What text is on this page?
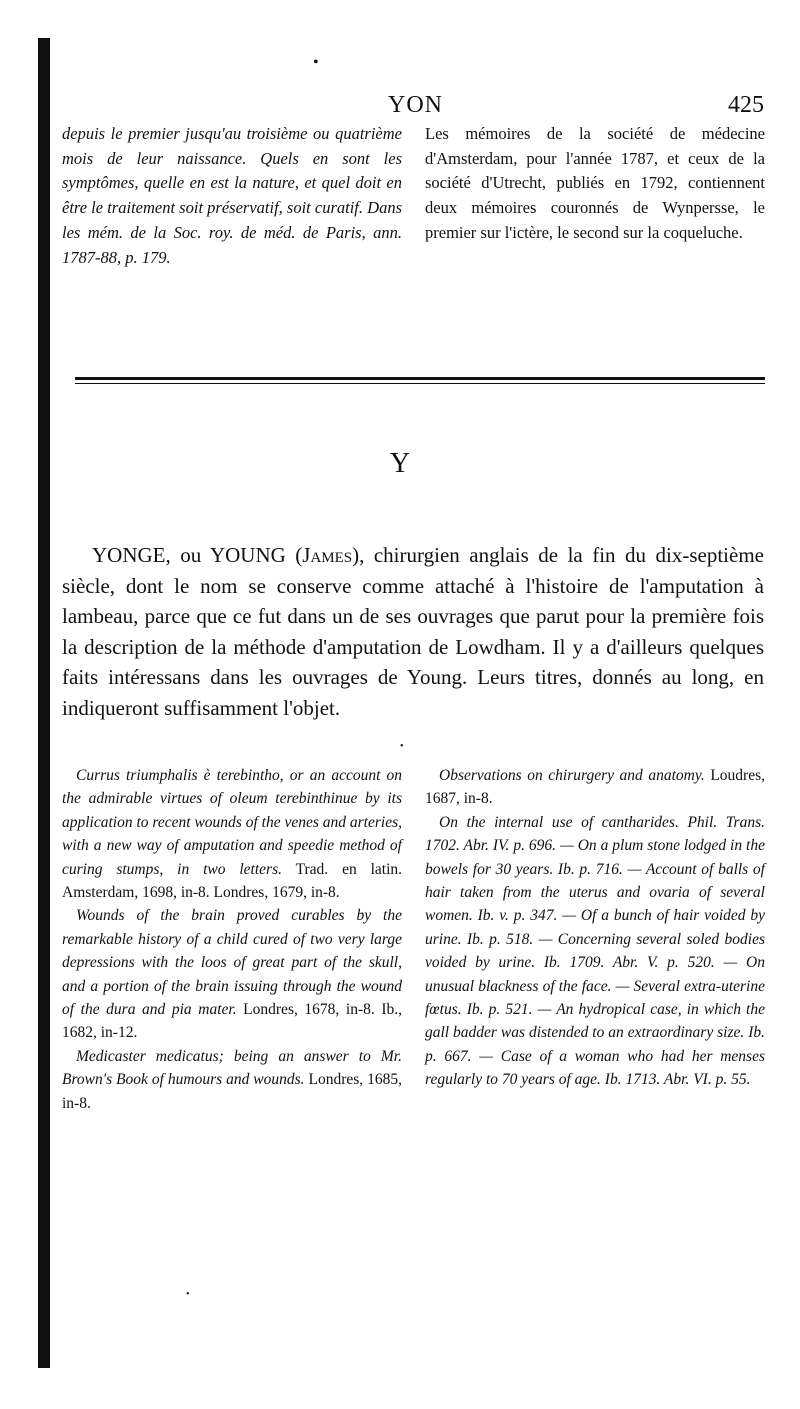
•
YON	425

depuis le premier jusqu'au troisième ou quatrième mois de leur naissance. Quels en sont les symptômes, quelle en est la nature, et quel doit en être le traitement soit préservatif, soit curatif. Dans les mém. de la Soc. roy. de méd. de Paris, ann. 1787-88, p. 179.

Les mémoires de la société de médecine d'Amsterdam, pour l'année 1787, et ceux de la société d'Utrecht, publiés en 1792, contiennent deux mémoires couronnés de Wynpersse, le premier sur l'ictère, le second sur la coqueluche.

Y

YONGE, ou YOUNG (James), chirurgien anglais de la fin du dix-septième siècle, dont le nom se conserve comme attaché à l'histoire de l'amputation à lambeau, parce que ce fut dans un de ses ouvrages que parut pour la première fois la description de la méthode d'amputation de Lowdham. Il y a d'ailleurs quelques faits intéressans dans les ouvrages de Young. Leurs titres, donnés au long, en indiqueront suffisamment l'objet.

•

Currus triumphalis è terebintho, or an account on the admirable virtues of oleum terebinthinue by its application to recent wounds of the venes and arteries, with a new way of amputation and speedie method of curing stumps, in two letters. Trad. en latin. Amsterdam, 1698, in-8. Londres, 1679, in-8.

Wounds of the brain proved curables by the remarkable history of a child cured of two very large depressions with the loos of great part of the skull, and a portion of the brain issuing through the wound of the dura and pia mater. Londres, 1678, in-8. Ib., 1682, in-12.

Medicaster medicatus; being an answer to Mr. Brown's Book of humours and wounds. Londres, 1685, in-8.

Observations on chirurgery and anatomy. Loudres, 1687, in-8.

On the internal use of cantharides. Phil. Trans. 1702. Abr. IV. p. 696. — On a plum stone lodged in the bowels for 30 years. Ib. p. 716. — Account of balls of hair taken from the uterus and ovaria of several women. Ib. v. p. 347. — Of a bunch of hair voided by urine. Ib. p. 518. — Concerning several soled bodies voided by urine. Ib. 1709. Abr. V. p. 520. — On unusual blackness of the face. — Several extra-uterine fœtus. Ib. p. 521. — An hydropical case, in which the gall badder was distended to an extraordinary size. Ib. p. 667. — Case of a woman who had her menses regularly to 70 years of age. Ib. 1713. Abr. VI. p. 55.

•
